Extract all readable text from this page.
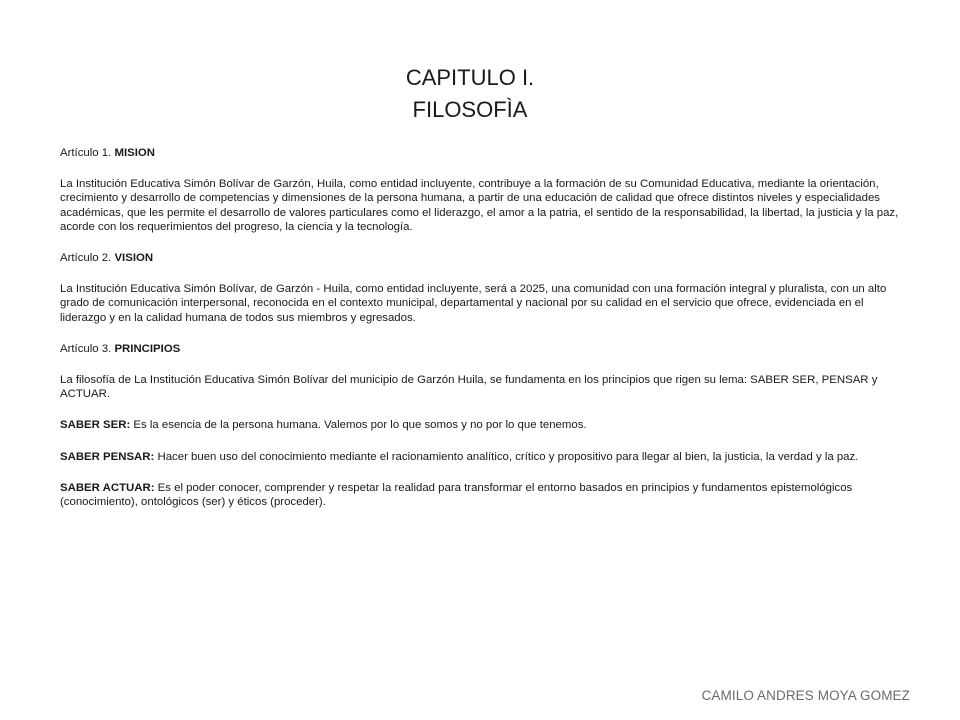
CAPITULO I.
FILOSOFÌA

Artículo 1. MISION

La Institución Educativa Simón Bolívar de Garzón, Huila, como entidad incluyente, contribuye a la formación de su Comunidad Educativa, mediante la orientación, crecimiento y desarrollo de competencias y dimensiones de la persona humana, a partir de una educación de calidad que ofrece distintos niveles y especialidades académicas, que les permite el desarrollo de valores particulares como el liderazgo, el amor a la patria, el sentido de la responsabilidad, la libertad, la justicia y la paz, acorde con los requerimientos del progreso, la ciencia y la tecnología.

Artículo 2. VISION

La Institución Educativa Simón Bolívar, de Garzón - Huila, como entidad incluyente, será a 2025, una comunidad con una formación integral y pluralista, con un alto grado de comunicación interpersonal, reconocida en el contexto municipal, departamental y nacional por su calidad en el servicio que ofrece, evidenciada en el liderazgo y en la calidad humana de todos sus miembros y egresados.

Artículo 3. PRINCIPIOS

La filosofía de La Institución Educativa Simón Bolívar del municipio de Garzón Huila, se fundamenta en los principios que rigen su lema: SABER SER, PENSAR y ACTUAR.

SABER SER: Es la esencia de la persona humana. Valemos por lo que somos y no por lo que tenemos.

SABER PENSAR: Hacer buen uso del conocimiento mediante el racionamiento analítico, crítico y propositivo para llegar al bien, la justicia, la verdad y la paz.

SABER ACTUAR: Es el poder conocer, comprender y respetar la realidad para transformar el entorno basados en principios y fundamentos epistemológicos (conocimiento), ontológicos (ser) y éticos (proceder).

CAMILO ANDRES MOYA GOMEZ
